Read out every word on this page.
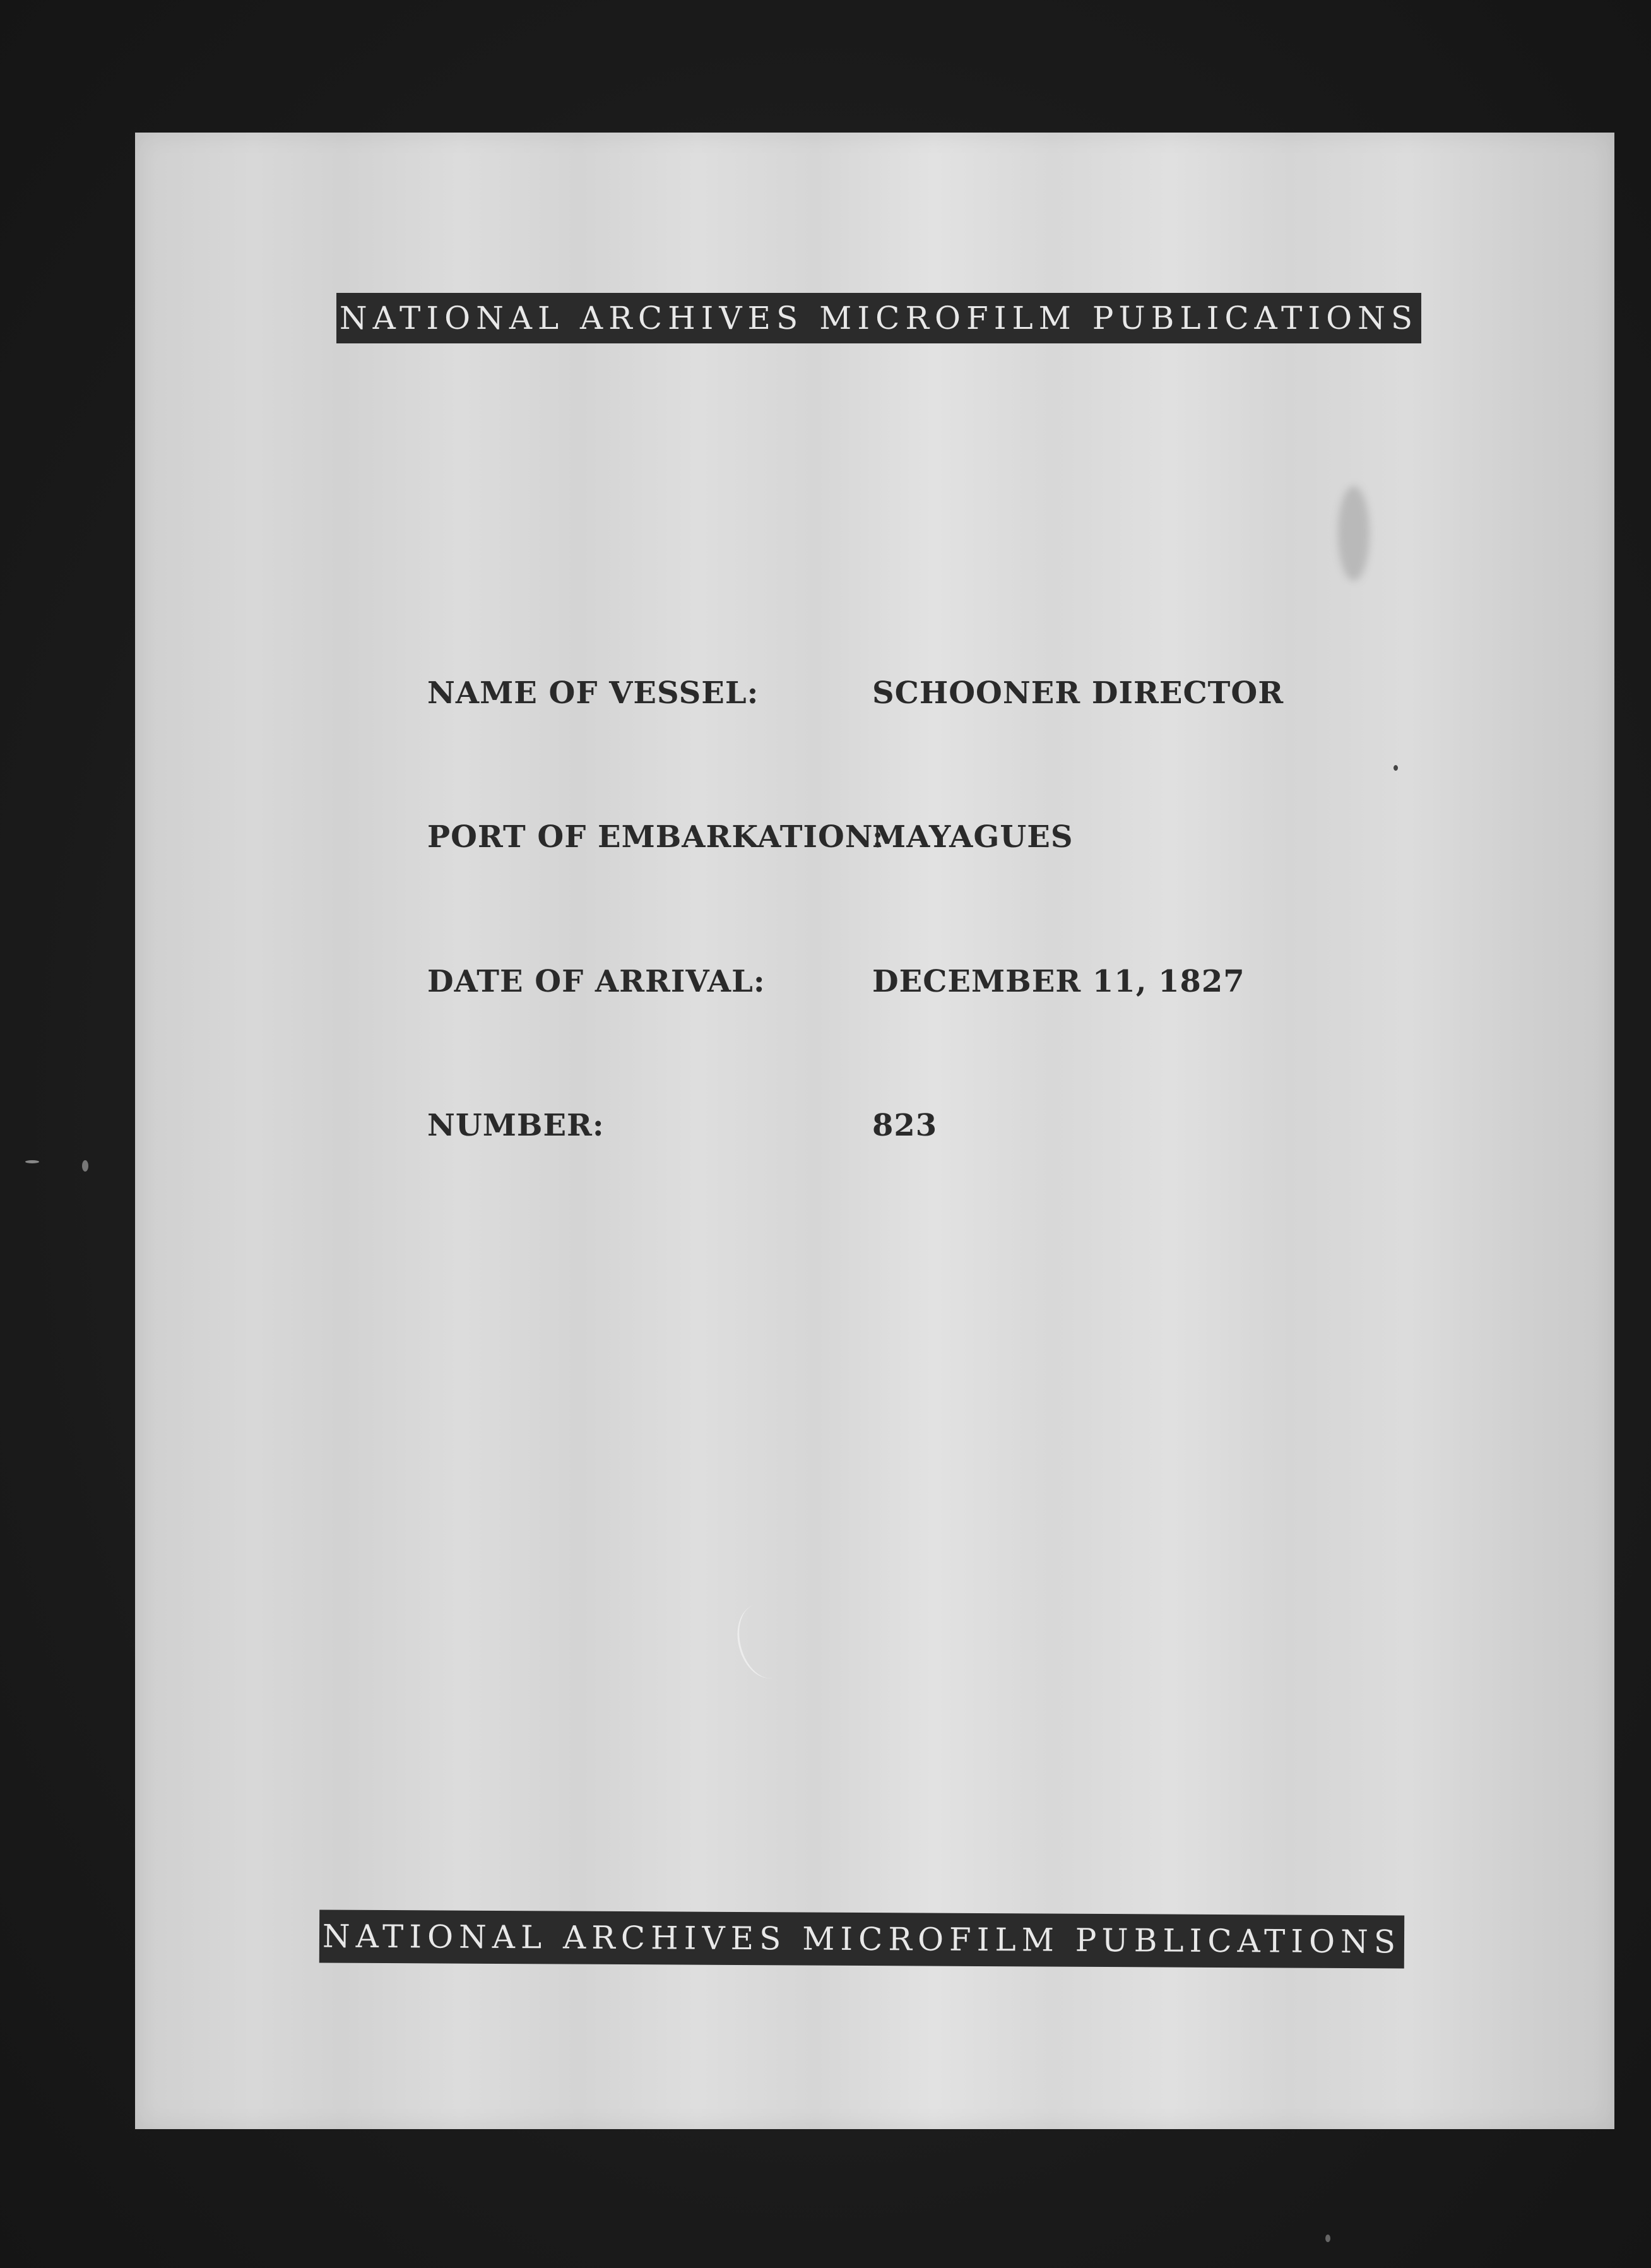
NATIONAL ARCHIVES MICROFILM PUBLICATIONS
NAME OF VESSEL:	SCHOONER DIRECTOR
PORT OF EMBARKATION:
MAYAGUES
DATE OF ARRIVAL:	DECEMBER 11, 1827
NUMBER:	823
NATIONAL ARCHIVES MICROFILM PUBLICATIONS
